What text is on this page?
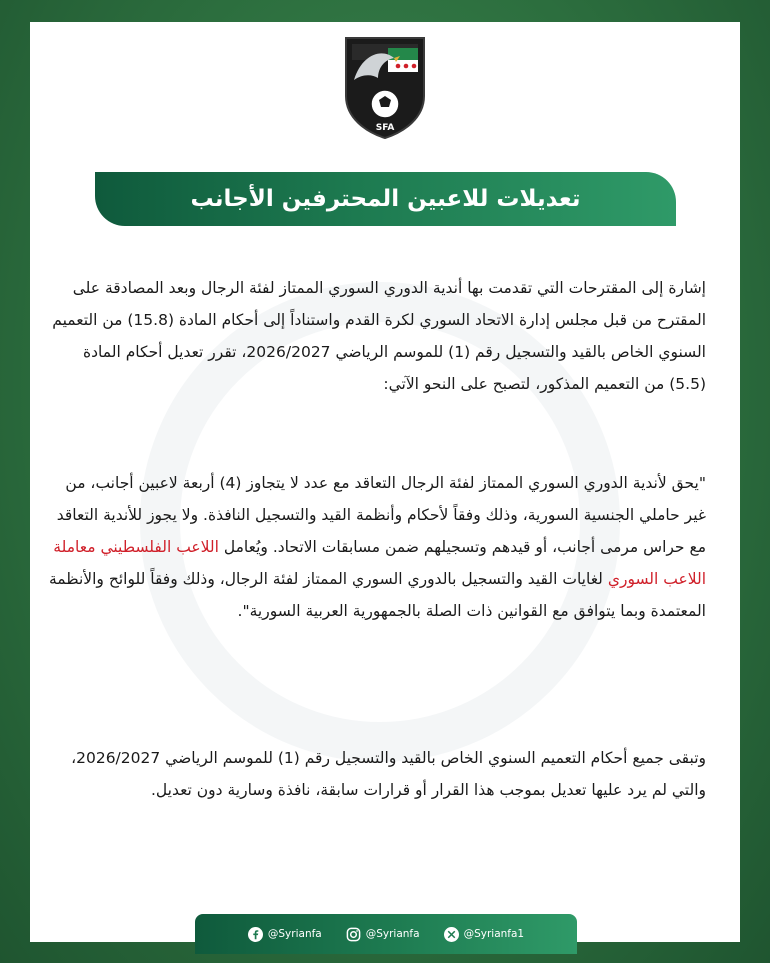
SFA
تعديلات للاعبين المحترفين الأجانب
إشارة إلى المقترحات التي تقدمت بها أندية الدوري السوري الممتاز لفئة الرجال وبعد المصادقة على المقترح من قبل مجلس إدارة الاتحاد السوري لكرة القدم واستناداً إلى أحكام المادة (15.8) من التعميم السنوي الخاص بالقيد والتسجيل رقم (1) للموسم الرياضي 2026/2027، تقرر تعديل أحكام المادة (5.5) من التعميم المذكور، لتصبح على النحو الآتي:
"يحق لأندية الدوري السوري الممتاز لفئة الرجال التعاقد مع عدد لا يتجاوز (4) أربعة لاعبين أجانب، من غير حاملي الجنسية السورية، وذلك وفقاً لأحكام وأنظمة القيد والتسجيل النافذة. ولا يجوز للأندية التعاقد مع حراس مرمى أجانب، أو قيدهم وتسجيلهم ضمن مسابقات الاتحاد. ويُعامل اللاعب الفلسطيني معاملة اللاعب السوري لغايات القيد والتسجيل بالدوري السوري الممتاز لفئة الرجال، وذلك وفقاً للوائح والأنظمة المعتمدة وبما يتوافق مع القوانين ذات الصلة بالجمهورية العربية السورية".
وتبقى جميع أحكام التعميم السنوي الخاص بالقيد والتسجيل رقم (1) للموسم الرياضي 2026/2027، والتي لم يرد عليها تعديل بموجب هذا القرار أو قرارات سابقة، نافذة وسارية دون تعديل.
@Syrianfa	@Syrianfa	@Syrianfa1
